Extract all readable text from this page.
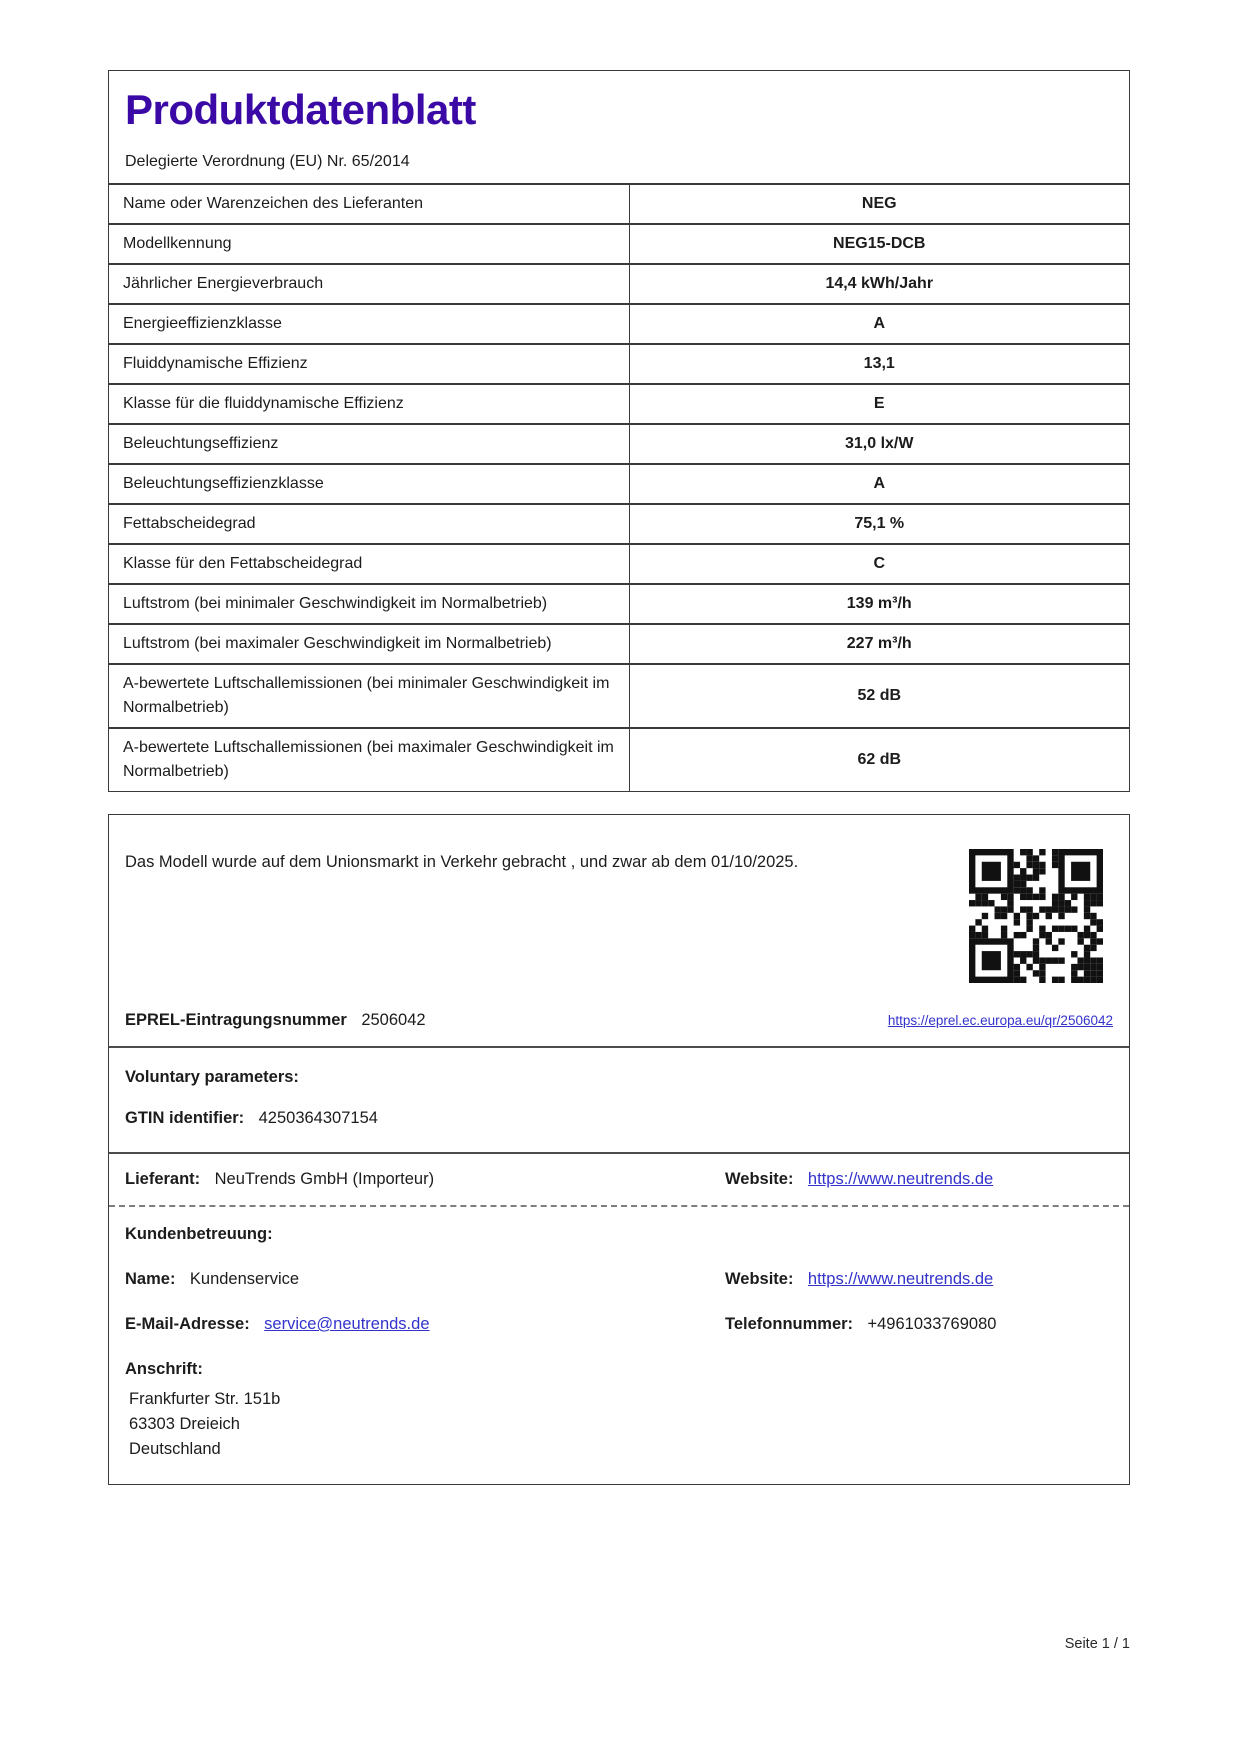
Produktdatenblatt
Delegierte Verordnung (EU) Nr. 65/2014
Name oder Warenzeichen des Lieferanten	NEG
Modellkennung	NEG15-DCB
Jährlicher Energieverbrauch	14,4 kWh/Jahr
Energieeffizienzklasse	A
Fluiddynamische Effizienz	13,1
Klasse für die fluiddynamische Effizienz	E
Beleuchtungseffizienz	31,0 lx/W
Beleuchtungseffizienzklasse	A
Fettabscheidegrad	75,1 %
Klasse für den Fettabscheidegrad	C
Luftstrom (bei minimaler Geschwindigkeit im Normalbetrieb)	139 m³/h
Luftstrom (bei maximaler Geschwindigkeit im Normalbetrieb)	227 m³/h
A-bewertete Luftschallemissionen (bei minimaler Geschwindigkeit im Normalbetrieb)	52 dB
A-bewertete Luftschallemissionen (bei maximaler Geschwindigkeit im Normalbetrieb)	62 dB

Das Modell wurde auf dem Unionsmarkt in Verkehr gebracht , und zwar ab dem 01/10/2025.

EPREL-Eintragungsnummer 2506042	https://eprel.ec.europa.eu/qr/2506042
Voluntary parameters:
GTIN identifier: 4250364307154
Lieferant: NeuTrends GmbH (Importeur)	Website: https://www.neutrends.de
Kundenbetreuung:
Name: Kundenservice	Website: https://www.neutrends.de
E-Mail-Adresse: service@neutrends.de	Telefonnummer: +4961033769080
Anschrift:
Frankfurter Str. 151b
63303 Dreieich
Deutschland
Seite 1 / 1
